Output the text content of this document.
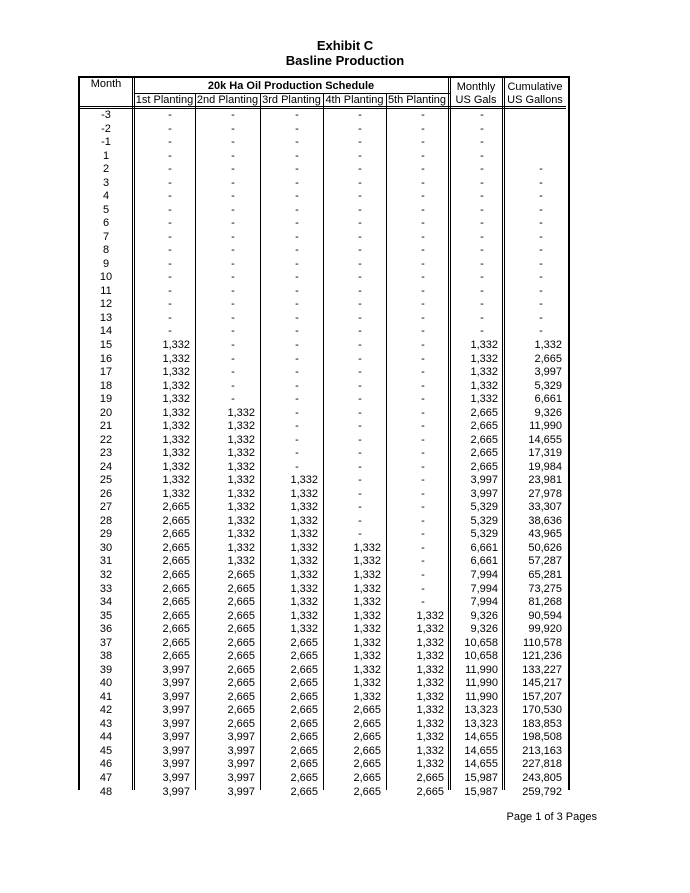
Exhibit C
Basline Production
Month	20k Ha Oil Production Schedule
1st Planting 2nd Planting 3rd Planting 4th Planting 5th Planting
Monthly
US Gals
Cumulative
US Gallons
-3	-	-	-	-	-	-
-2	-	-	-	-	-	-
-1	-	-	-	-	-	-
1	-	-	-	-	-	-
2	-	-	-	-	-	-	-
3	-	-	-	-	-	-	-
4	-	-	-	-	-	-	-
5	-	-	-	-	-	-	-
6	-	-	-	-	-	-	-
7	-	-	-	-	-	-	-
8	-	-	-	-	-	-	-
9	-	-	-	-	-	-	-
10	-	-	-	-	-	-	-
11	-	-	-	-	-	-	-
12	-	-	-	-	-	-	-
13	-	-	-	-	-	-	-
14	-	-	-	-	-	-	-
15	1,332	-	-	-	-	1,332	1,332
16	1,332	-	-	-	-	1,332	2,665
17	1,332	-	-	-	-	1,332	3,997
18	1,332	-	-	-	-	1,332	5,329
19	1,332	-	-	-	-	1,332	6,661
20	1,332	1,332	-	-	-	2,665	9,326
21	1,332	1,332	-	-	-	2,665	11,990
22	1,332	1,332	-	-	-	2,665	14,655
23	1,332	1,332	-	-	-	2,665	17,319
24	1,332	1,332	-	-	-	2,665	19,984
25	1,332	1,332	1,332	-	-	3,997	23,981
26	1,332	1,332	1,332	-	-	3,997	27,978
27	2,665	1,332	1,332	-	-	5,329	33,307
28	2,665	1,332	1,332	-	-	5,329	38,636
29	2,665	1,332	1,332	-	-	5,329	43,965
30	2,665	1,332	1,332	1,332	-	6,661	50,626
31	2,665	1,332	1,332	1,332	-	6,661	57,287
32	2,665	2,665	1,332	1,332	-	7,994	65,281
33	2,665	2,665	1,332	1,332	-	7,994	73,275
34	2,665	2,665	1,332	1,332	-	7,994	81,268
35	2,665	2,665	1,332	1,332	1,332	9,326	90,594
36	2,665	2,665	1,332	1,332	1,332	9,326	99,920
37	2,665	2,665	2,665	1,332	1,332	10,658	110,578
38	2,665	2,665	2,665	1,332	1,332	10,658	121,236
39	3,997	2,665	2,665	1,332	1,332	11,990	133,227
40	3,997	2,665	2,665	1,332	1,332	11,990	145,217
41	3,997	2,665	2,665	1,332	1,332	11,990	157,207
42	3,997	2,665	2,665	2,665	1,332	13,323	170,530
43	3,997	2,665	2,665	2,665	1,332	13,323	183,853
44	3,997	3,997	2,665	2,665	1,332	14,655	198,508
45	3,997	3,997	2,665	2,665	1,332	14,655	213,163
46	3,997	3,997	2,665	2,665	1,332	14,655	227,818
47	3,997	3,997	2,665	2,665	2,665	15,987	243,805
48	3,997	3,997	2,665	2,665	2,665	15,987	259,792
Page 1 of 3 Pages
